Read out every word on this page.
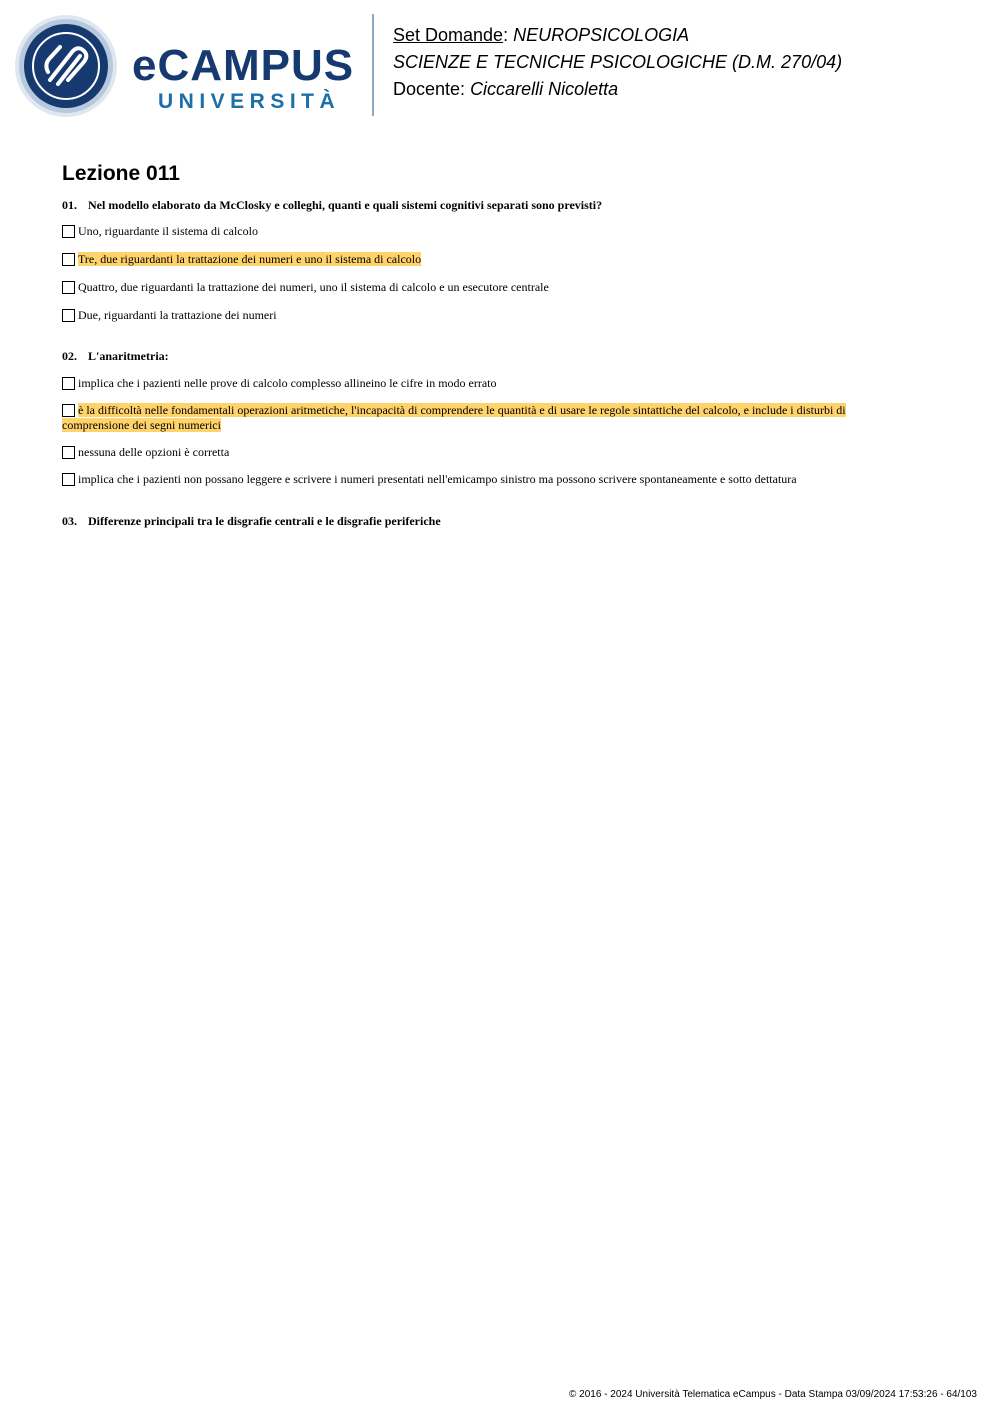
eCAMPUS
UNIVERSITÀ
Set Domande: NEUROPSICOLOGIA
SCIENZE E TECNICHE PSICOLOGICHE (D.M. 270/04)
Docente: Ciccarelli Nicoletta
Lezione 011
01. Nel modello elaborato da McClosky e colleghi, quanti e quali sistemi cognitivi separati sono previsti?
Uno, riguardante il sistema di calcolo
Tre, due riguardanti la trattazione dei numeri e uno il sistema di calcolo
Quattro, due riguardanti la trattazione dei numeri, uno il sistema di calcolo e un esecutore centrale
Due, riguardanti la trattazione dei numeri
02. L'anaritmetria:
implica che i pazienti nelle prove di calcolo complesso allineino le cifre in modo errato
è la difficoltà nelle fondamentali operazioni aritmetiche, l'incapacità di comprendere le quantità e di usare le regole sintattiche del calcolo, e include i disturbi di comprensione dei segni numerici
nessuna delle opzioni è corretta
implica che i pazienti non possano leggere e scrivere i numeri presentati nell'emicampo sinistro ma possono scrivere spontaneamente e sotto dettatura
03. Differenze principali tra le disgrafie centrali e le disgrafie periferiche
© 2016 - 2024 Università Telematica eCampus - Data Stampa 03/09/2024 17:53:26 - 64/103
